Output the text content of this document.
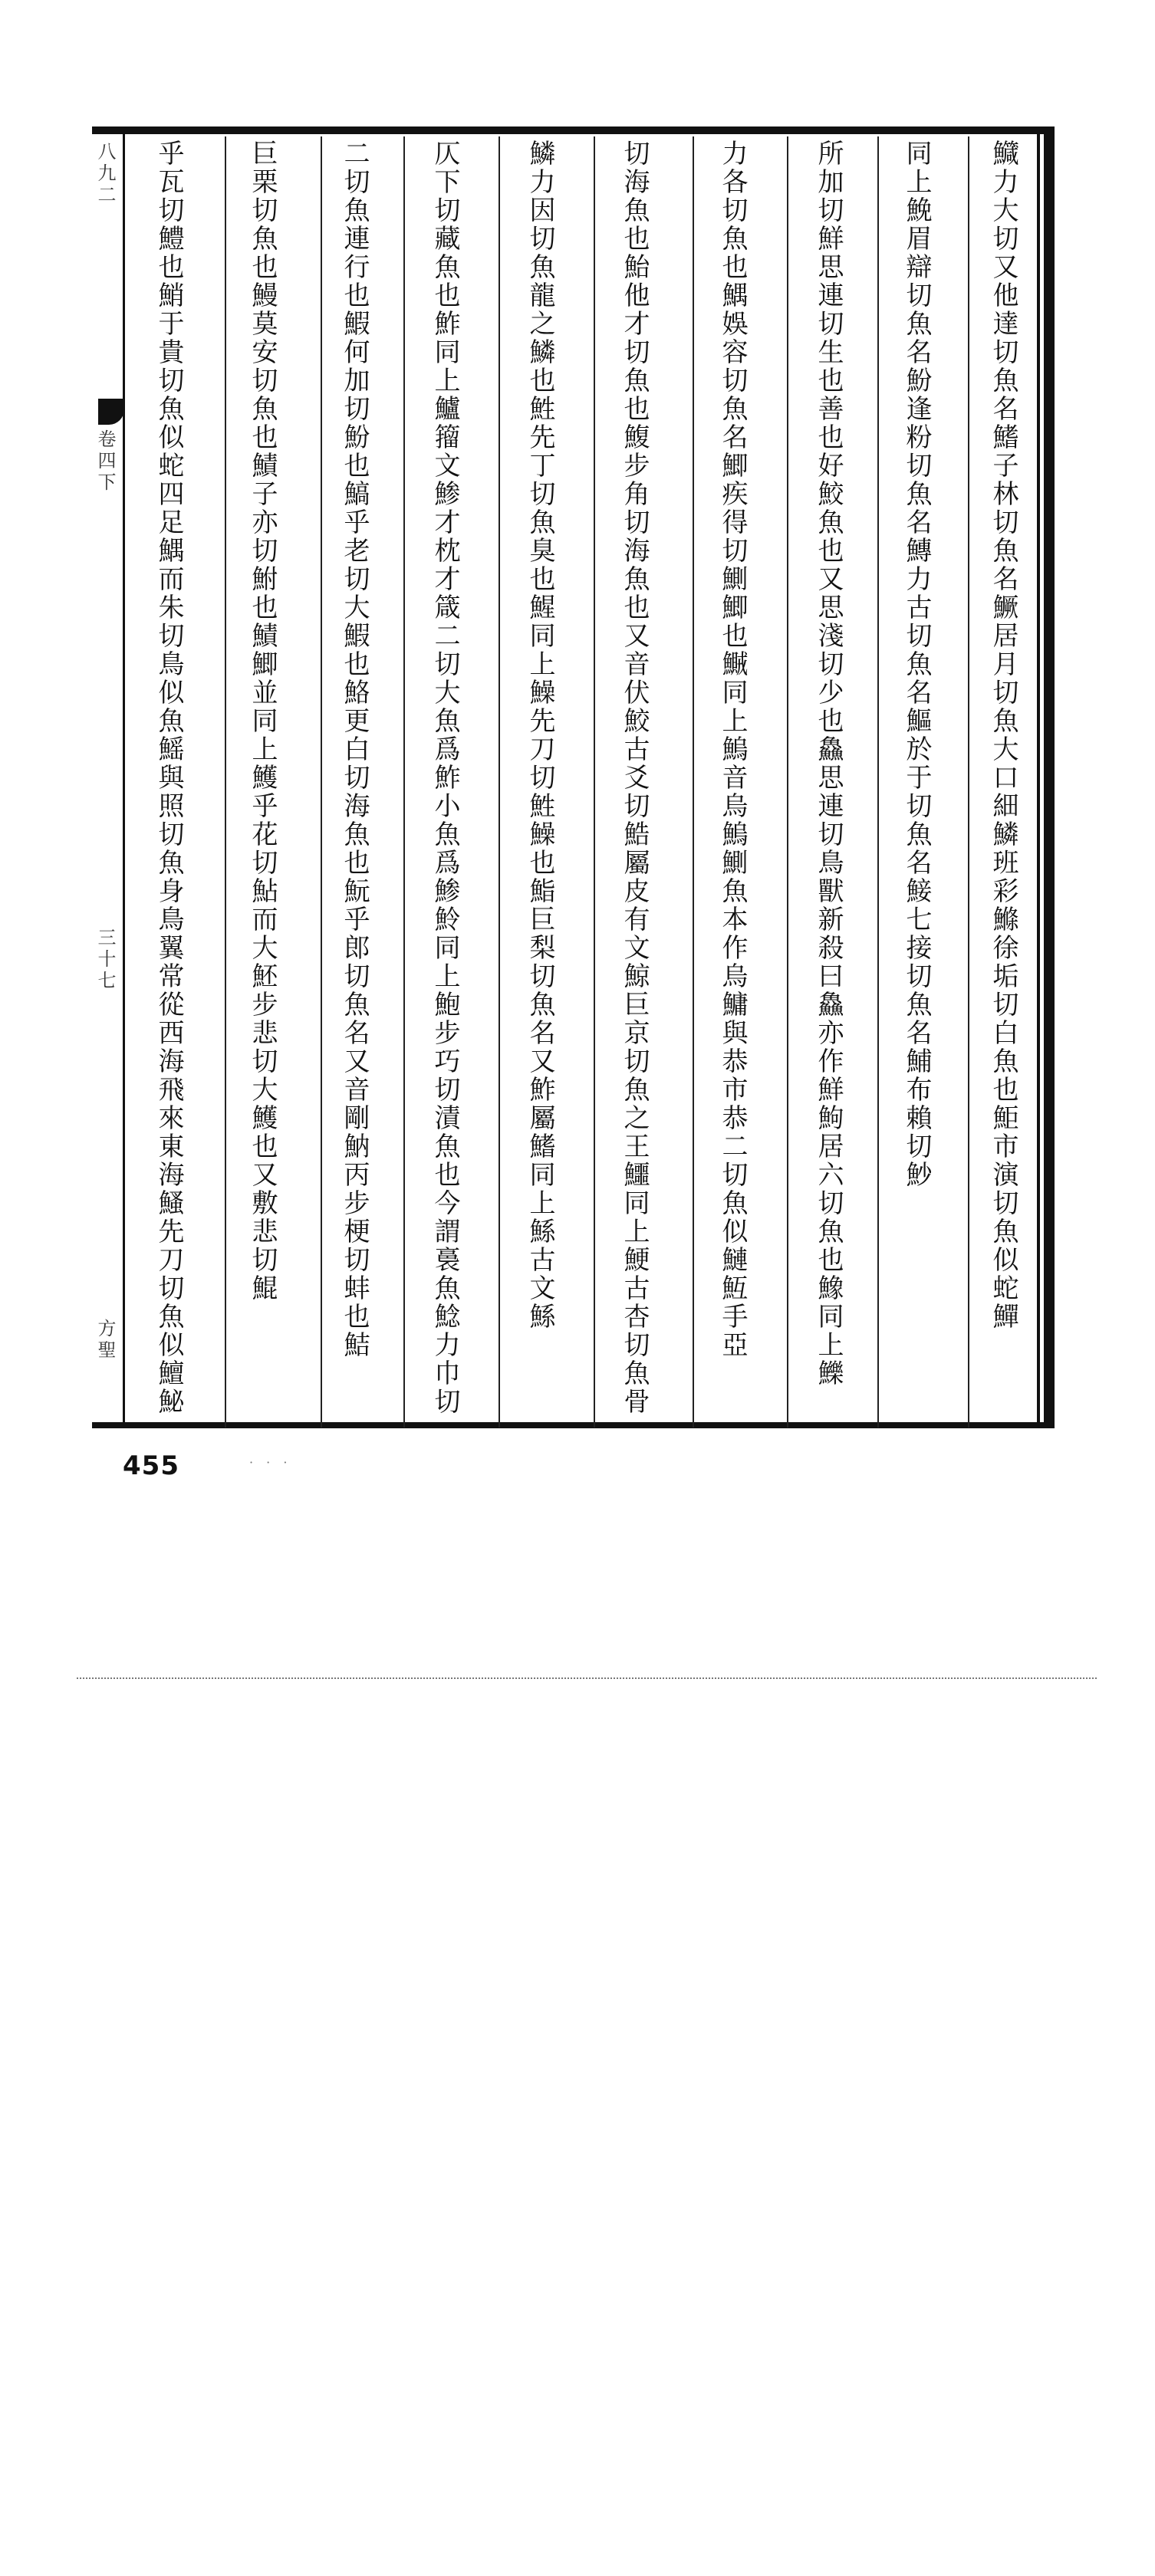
八九二
卷四下
三十七
方聖
鱵力大切又他達切魚名鰭子林切魚名鱖居月切魚大口細鱗班彩鰷徐垢切白魚也鮔市演切魚似蛇鱓
同上鮸眉辯切魚名魵逢粉切魚名鱄力古切魚名鰸於于切魚名鯜七接切魚名鯆布賴切魦
所加切鮮思連切生也善也好鮫魚也又思淺切少也鱻思連切鳥獸新殺曰鱻亦作鮮鮈居六切魚也鱌同上鱳
力各切魚也鰅娛容切魚名鯽疾得切鰂鯽也鱡同上鰞音烏鰞鰂魚本作烏鱅與恭市恭二切魚似鰱魱手亞
切海魚也鮐他才切魚也鰒步角切海魚也又音伏鮫古爻切鯌屬皮有文鯨巨京切魚之王鱷同上鯁古杏切魚骨
鱗力因切魚龍之鱗也鮏先丁切魚臭也鯹同上鱢先刀切鮏鱢也鮨巨梨切魚名又鮓屬鰭同上鯀古文鯀
仄下切藏魚也鮓同上鱸籀文鯵才枕才箴二切大魚爲鮓小魚爲鯵魿同上鮑步巧切漬魚也今謂裛魚鯰力巾切
二切魚連行也鰕何加切魵也鰝乎老切大鰕也鮥更白切海魚也魭乎郎切魚名又音剛魶丙步梗切蚌也鮚
巨栗切魚也鰻莫安切魚也鰿子亦切鮒也鰿鯽並同上鱯乎花切鮎而大魾步悲切大鱯也又敷悲切鯤
乎瓦切鱧也鮹于貴切魚似蛇四足鰅而朱切鳥似魚鰩與照切魚身鳥翼常從西海飛來東海鰠先刀切魚似鱣鮅
455	· · ·
